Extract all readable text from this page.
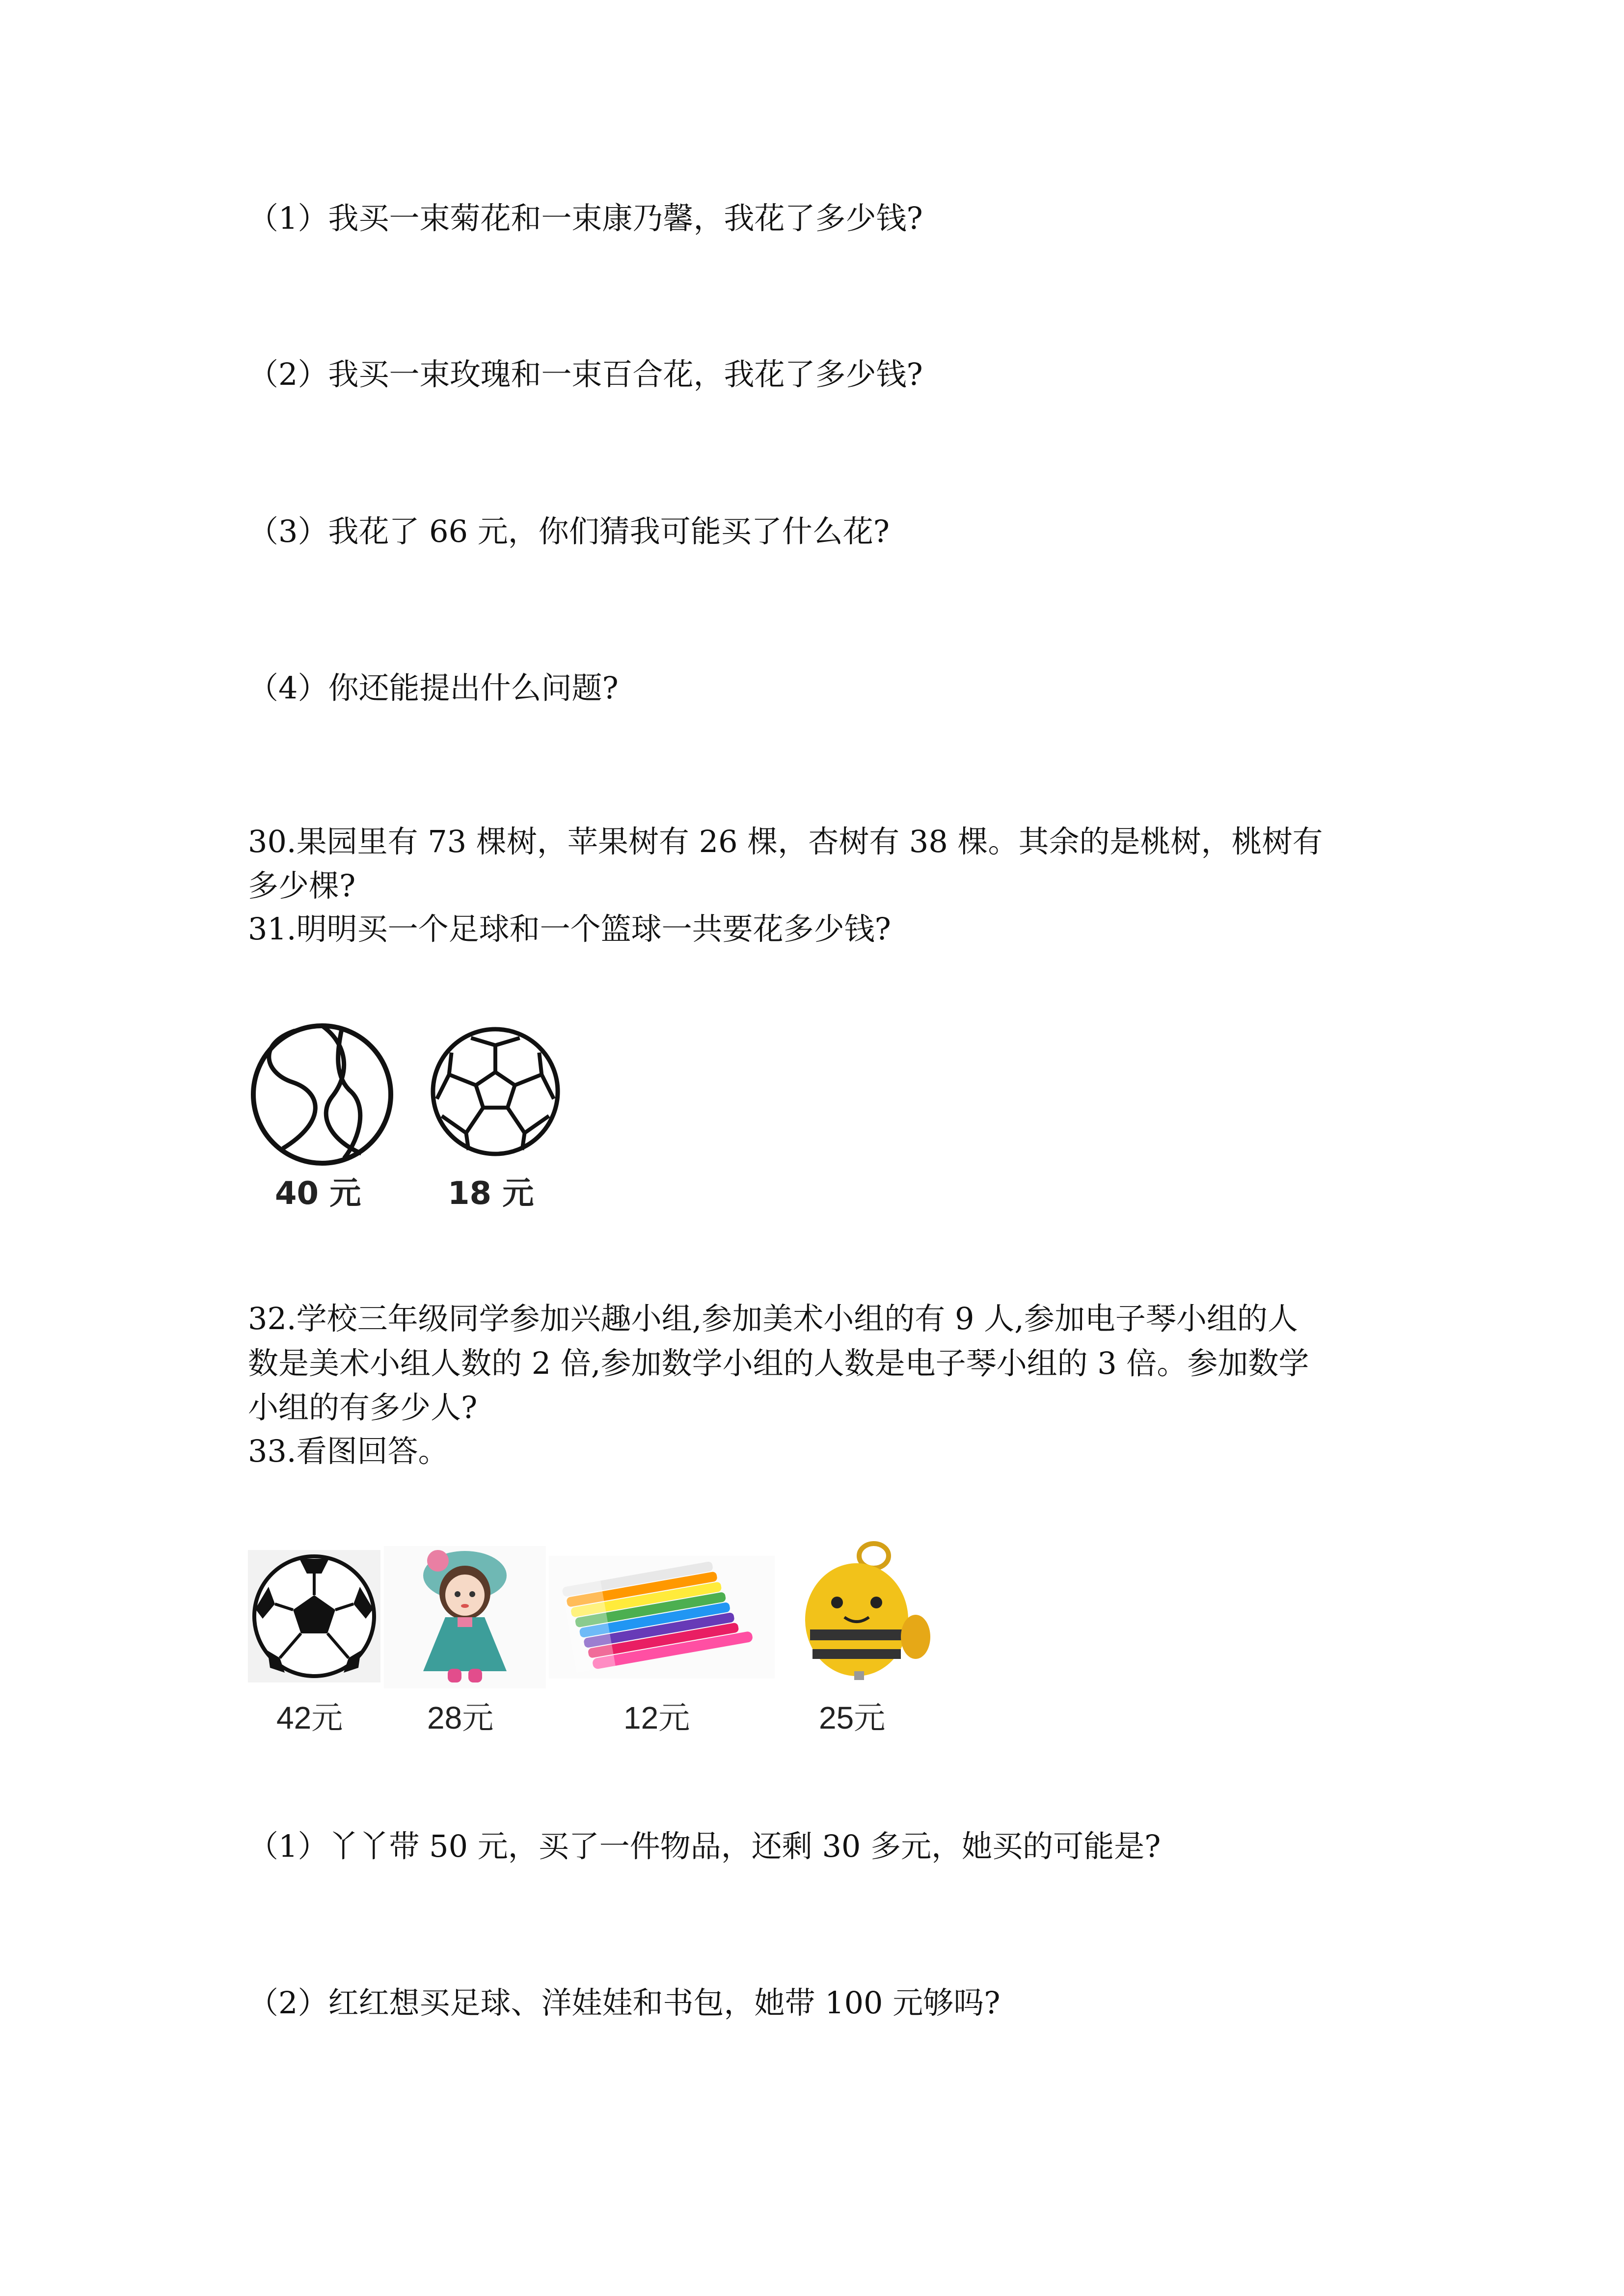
（1）我买一束菊花和一束康乃馨，我花了多少钱?
（2）我买一束玫瑰和一束百合花，我花了多少钱?
（3）我花了 66 元，你们猜我可能买了什么花?
（4）你还能提出什么问题?
30.果园里有 73 棵树，苹果树有 26 棵，杏树有 38 棵。其余的是桃树，桃树有
多少棵?
31.明明买一个足球和一个篮球一共要花多少钱?
40 元	18 元
32.学校三年级同学参加兴趣小组,参加美术小组的有 9 人,参加电子琴小组的人
数是美术小组人数的 2 倍,参加数学小组的人数是电子琴小组的 3 倍。参加数学
小组的有多少人?
33.看图回答。
42元	28元	12元	25元
（1）丫丫带 50 元，买了一件物品，还剩 30 多元，她买的可能是?
（2）红红想买足球、洋娃娃和书包，她带 100 元够吗?
